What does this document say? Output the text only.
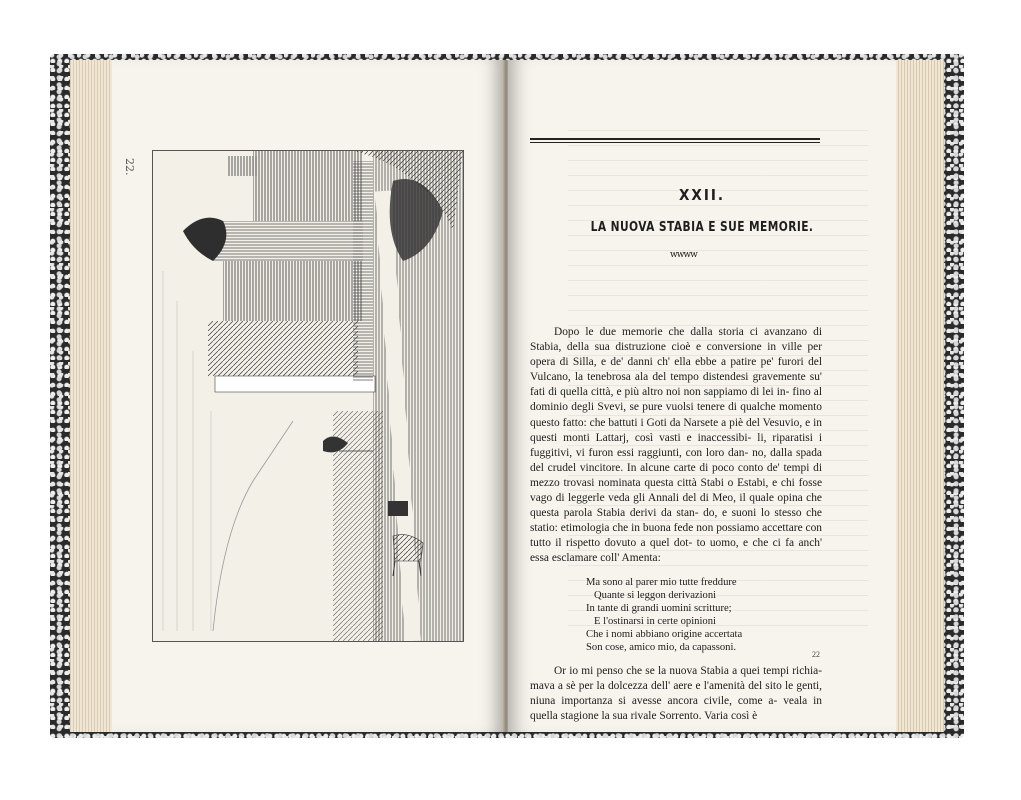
22.
XXII.
LA NUOVA STABIA E SUE MEMORIE.
wwww

Dopo le due memorie che dalla storia ci avanzano di Stabia, della sua distruzione cioè e conversione in ville per opera di Silla, e de' danni ch' ella ebbe a patire pe' furori del Vulcano, la tenebrosa ala del tempo distendesi gravemente su' fati di quella città, e più altro noi non sappiamo di lei in- fino al dominio degli Svevi, se pure vuolsi tenere di qualche momento questo fatto: che battuti i Goti da Narsete a piè del Vesuvio, e in questi monti Lattarj, così vasti e inaccessibi- li, riparatisi i fuggitivi, vi furon essi raggiunti, con loro dan- no, dalla spada del crudel vincitore. In alcune carte di poco conto de' tempi di mezzo trovasi nominata questa città Stabi o Estabi, e chi fosse vago di leggerle veda gli Annali del di Meo, il quale opina che questa parola Stabia derivi da stan- do, e suoni lo stesso che statio: etimologia che in buona fede non possiamo accettare con tutto il rispetto dovuto a quel dot- to uomo, e che ci fa anch' essa esclamare coll' Amenta:

Ma sono al parer mio tutte freddure
Quante si leggon derivazioni
In tante di grandi uomini scritture;
E l'ostinarsi in certe opinioni
Che i nomi abbiano origine accertata
Son cose, amico mio, da capassoni.

Or io mi penso che se la nuova Stabia a quei tempi richia- mava a sè per la dolcezza dell' aere e l'amenità del sito le genti, niuna importanza si avesse ancora civile, come a- veala in quella stagione la sua rivale Sorrento. Varia così è

22
